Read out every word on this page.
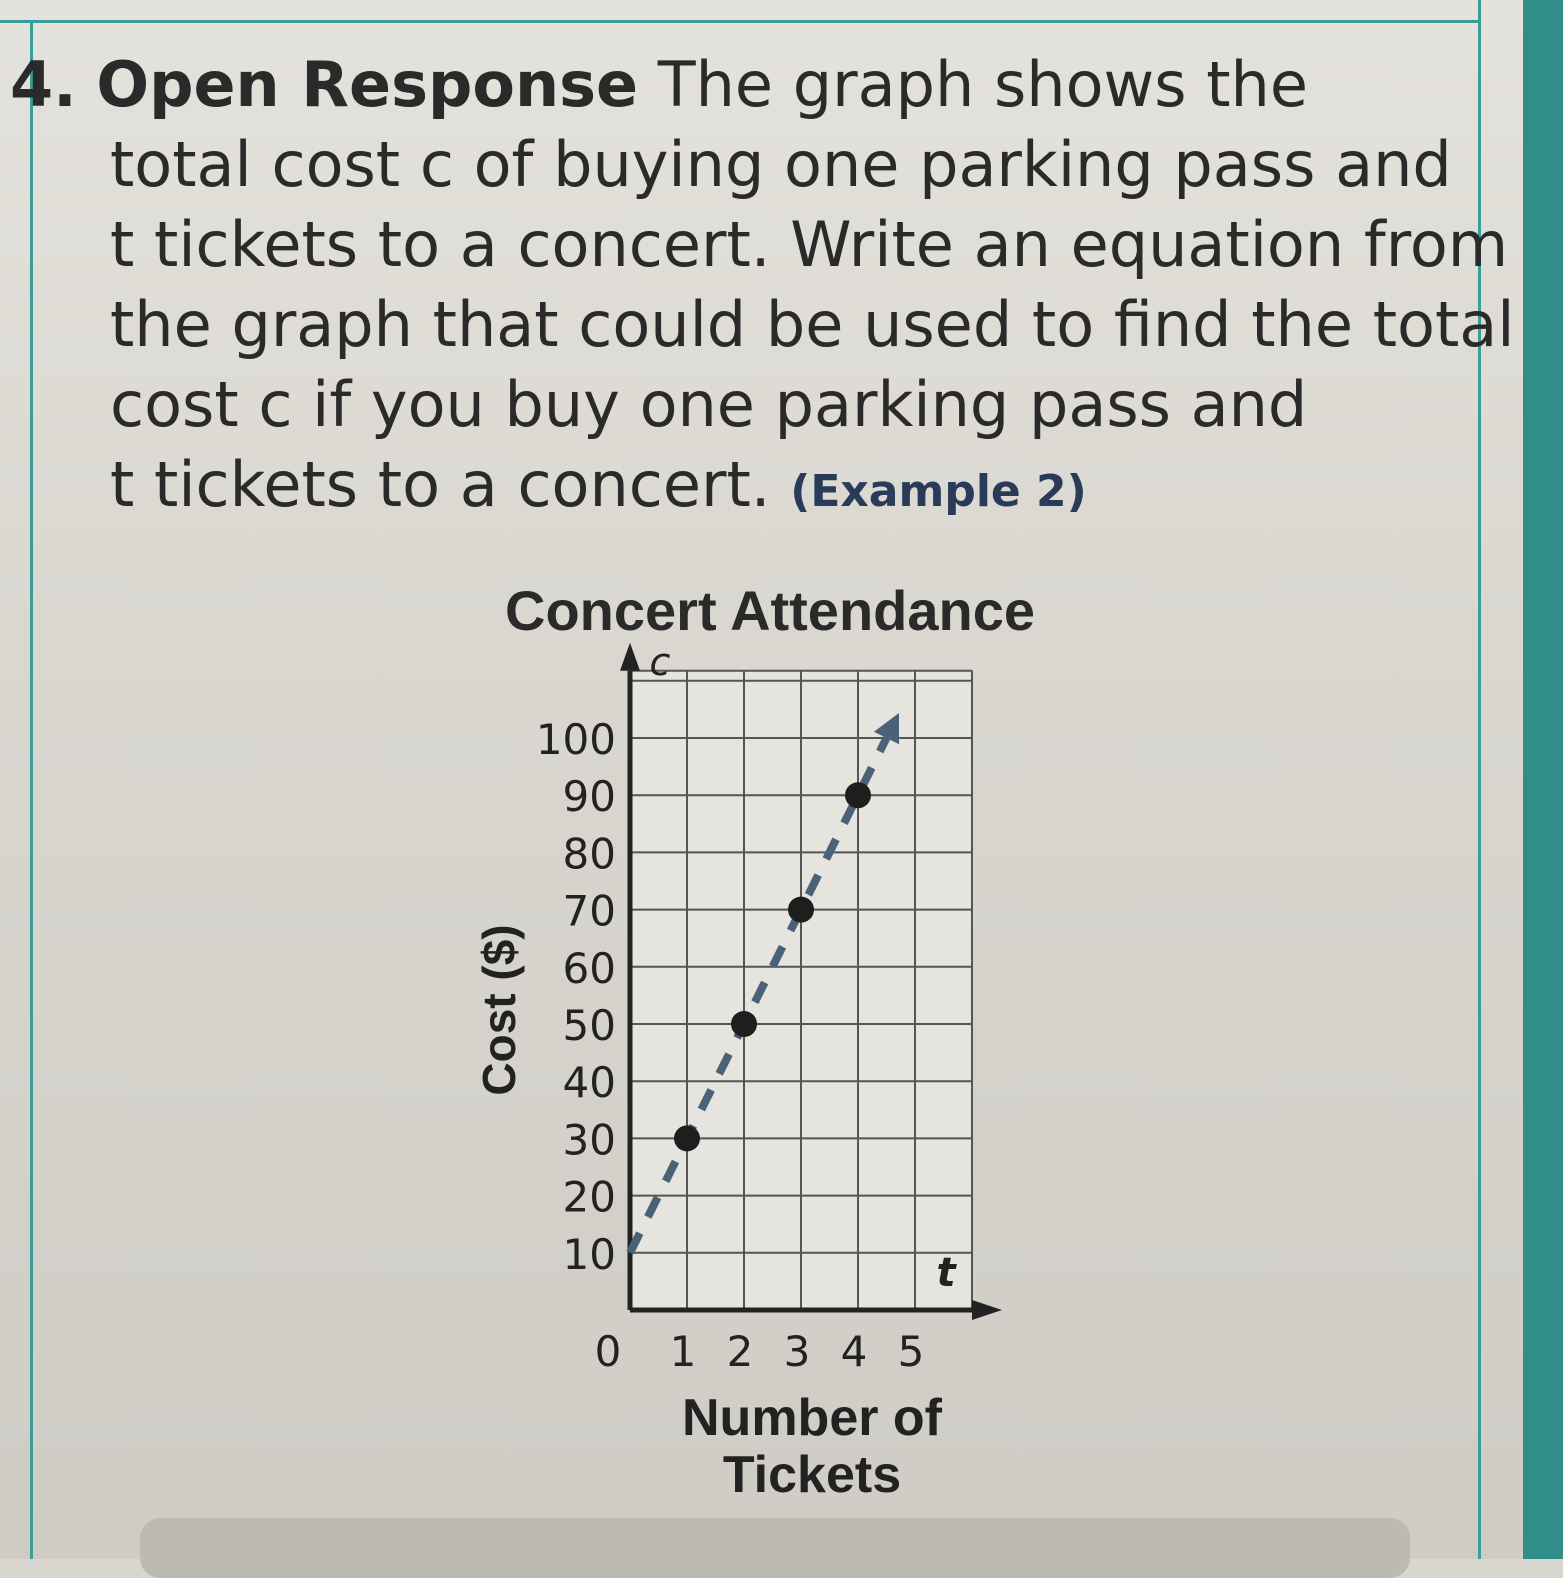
4. Open Response The graph shows the
total cost c of buying one parking pass and
t tickets to a concert. Write an equation from
the graph that could be used to find the total
cost c if you buy one parking pass and
t tickets to a concert. (Example 2)
Concert Attendance
10
20
30
40
50
60
70
80
90
100
0 1 2 3 4 5
c
t
Cost ($)
Number of
Tickets
